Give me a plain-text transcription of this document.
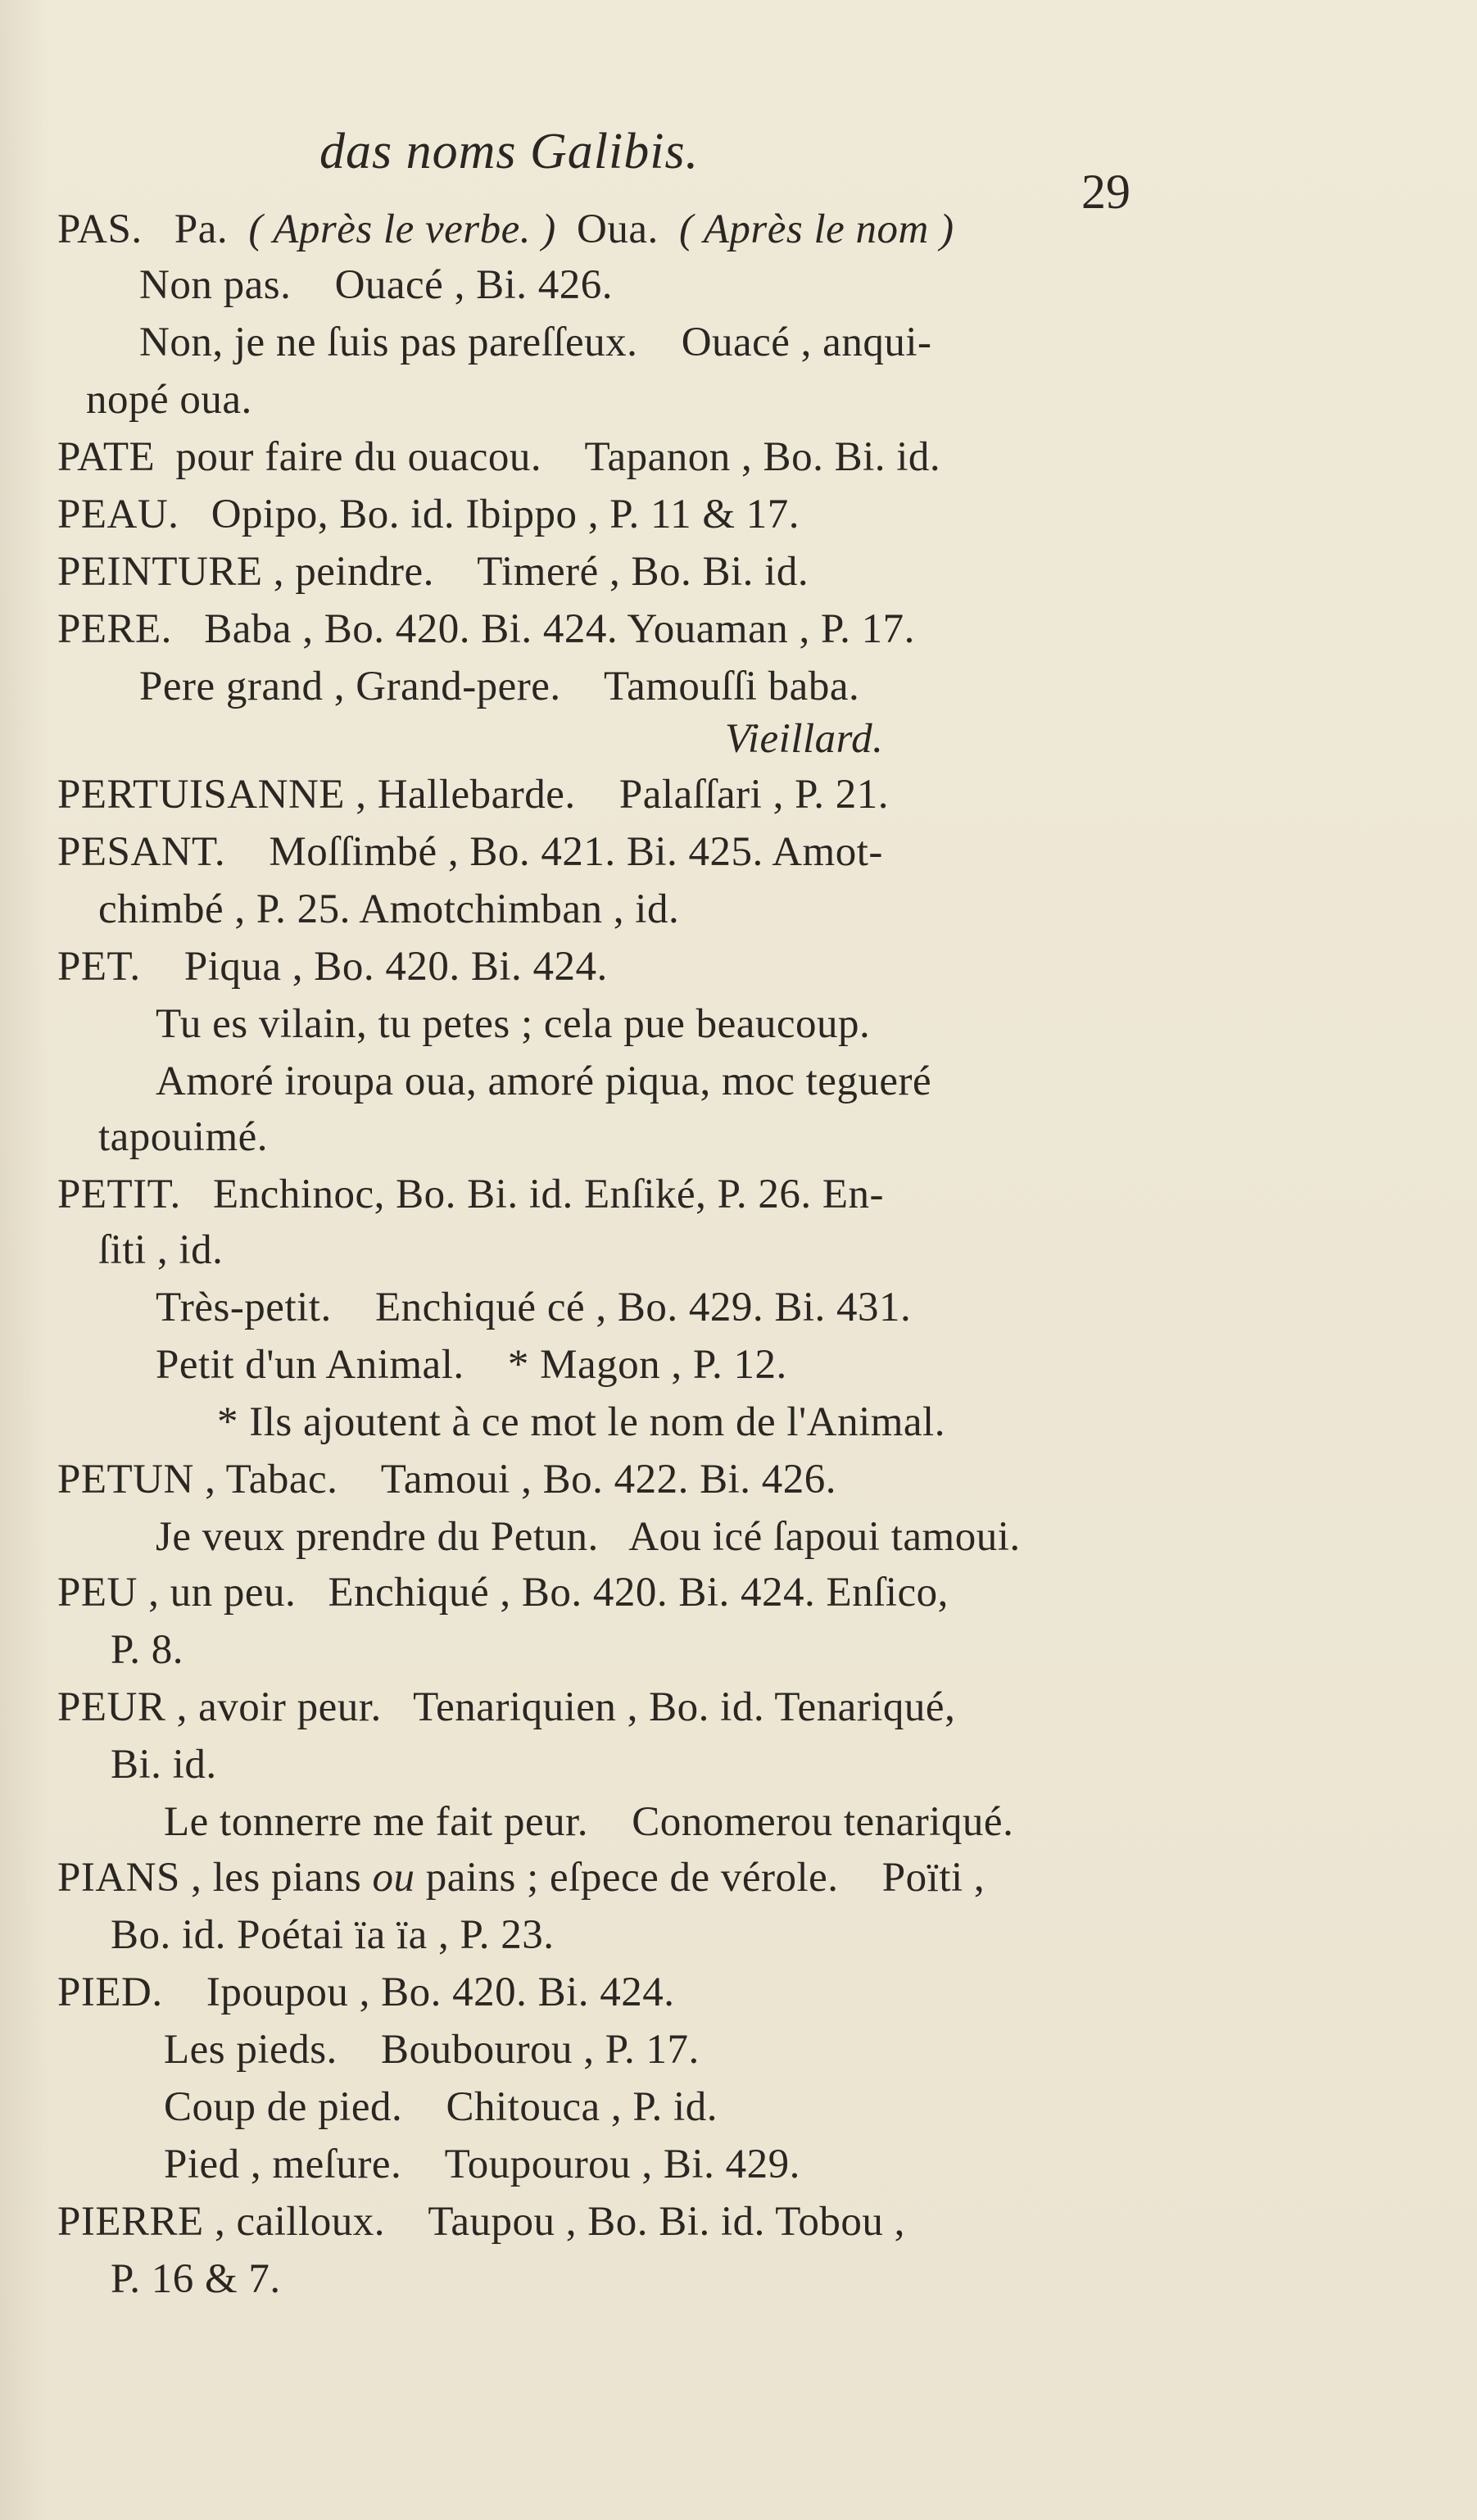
das noms Galibis.
29
PAS. Pa. ( Après le verbe. ) Oua. ( Après le nom )
Non pas. Ouacé , Bi. 426.
Non, je ne ſuis pas pareſſeux. Ouacé , anqui-
nopé oua.
PATE pour faire du ouacou. Tapanon , Bo. Bi. id.
PEAU. Opipo, Bo. id. Ibippo , P. 11 & 17.
PEINTURE , peindre. Timeré , Bo. Bi. id.
PERE. Baba , Bo. 420. Bi. 424. Youaman , P. 17.
Pere grand , Grand-pere. Tamouſſi baba.
Vieillard.
PERTUISANNE , Hallebarde. Palaſſari , P. 21.
PESANT. Moſſimbé , Bo. 421. Bi. 425. Amot-
chimbé , P. 25. Amotchimban , id.
PET. Piqua , Bo. 420. Bi. 424.
Tu es vilain, tu petes ; cela pue beaucoup.
Amoré iroupa oua, amoré piqua, moc tegueré
tapouimé.
PETIT. Enchinoc, Bo. Bi. id. Enſiké, P. 26. En-
ſiti , id.
Très-petit. Enchiqué cé , Bo. 429. Bi. 431.
Petit d'un Animal. * Magon , P. 12.
* Ils ajoutent à ce mot le nom de l'Animal.
PETUN , Tabac. Tamoui , Bo. 422. Bi. 426.
Je veux prendre du Petun. Aou icé ſapoui tamoui.
PEU , un peu. Enchiqué , Bo. 420. Bi. 424. Enſico,
P. 8.
PEUR , avoir peur. Tenariquien , Bo. id. Tenariqué,
Bi. id.
Le tonnerre me fait peur. Conomerou tenariqué.
PIANS , les pians ou pains ; eſpece de vérole. Poïti ,
Bo. id. Poétai ïa ïa , P. 23.
PIED. Ipoupou , Bo. 420. Bi. 424.
Les pieds. Boubourou , P. 17.
Coup de pied. Chitouca , P. id.
Pied , meſure. Toupourou , Bi. 429.
PIERRE , cailloux. Taupou , Bo. Bi. id. Tobou ,
P. 16 & 7.
